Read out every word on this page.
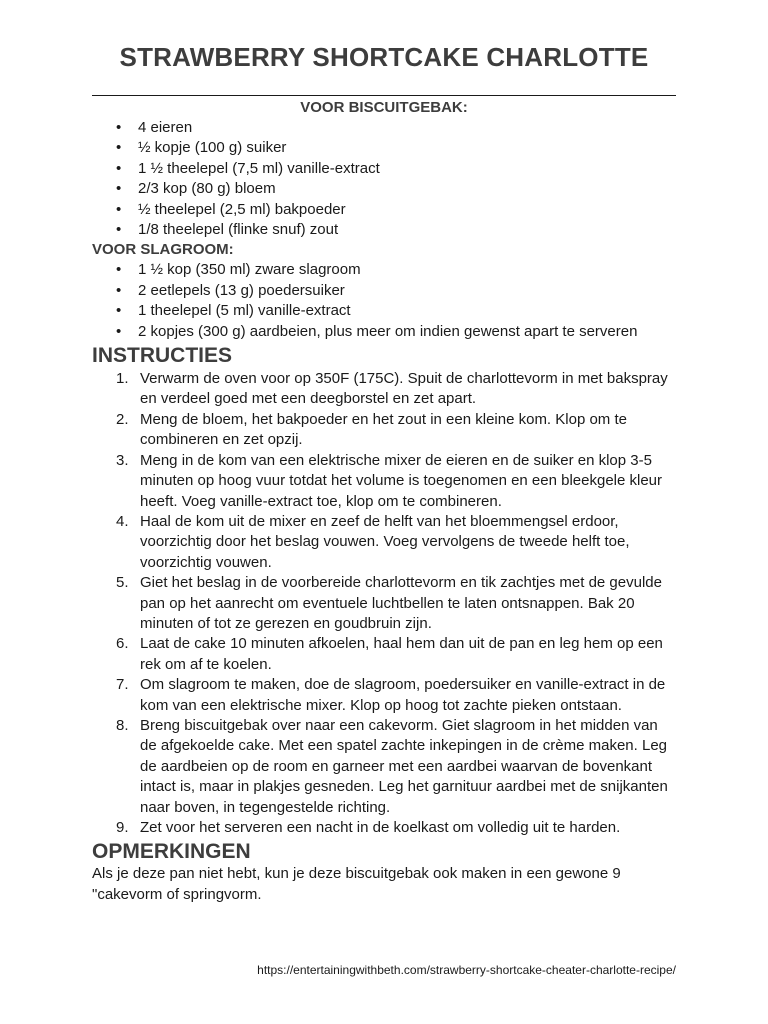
STRAWBERRY SHORTCAKE CHARLOTTE
VOOR BISCUITGEBAK:
• 4 eieren
• ½ kopje (100 g) suiker
• 1 ½ theelepel (7,5 ml) vanille-extract
• 2/3 kop (80 g) bloem
• ½ theelepel (2,5 ml) bakpoeder
• 1/8 theelepel (flinke snuf) zout
VOOR SLAGROOM:
• 1 ½ kop (350 ml) zware slagroom
• 2 eetlepels (13 g) poedersuiker
• 1 theelepel (5 ml) vanille-extract
• 2 kopjes (300 g) aardbeien, plus meer om indien gewenst apart te serveren
INSTRUCTIES
1. Verwarm de oven voor op 350F (175C). Spuit de charlottevorm in met bakspray en verdeel goed met een deegborstel en zet apart.
2. Meng de bloem, het bakpoeder en het zout in een kleine kom. Klop om te combineren en zet opzij.
3. Meng in de kom van een elektrische mixer de eieren en de suiker en klop 3-5 minuten op hoog vuur totdat het volume is toegenomen en een bleekgele kleur heeft. Voeg vanille-extract toe, klop om te combineren.
4. Haal de kom uit de mixer en zeef de helft van het bloemmengsel erdoor, voorzichtig door het beslag vouwen. Voeg vervolgens de tweede helft toe, voorzichtig vouwen.
5. Giet het beslag in de voorbereide charlottevorm en tik zachtjes met de gevulde pan op het aanrecht om eventuele luchtbellen te laten ontsnappen. Bak 20 minuten of tot ze gerezen en goudbruin zijn.
6. Laat de cake 10 minuten afkoelen, haal hem dan uit de pan en leg hem op een rek om af te koelen.
7. Om slagroom te maken, doe de slagroom, poedersuiker en vanille-extract in de kom van een elektrische mixer. Klop op hoog tot zachte pieken ontstaan.
8. Breng biscuitgebak over naar een cakevorm. Giet slagroom in het midden van de afgekoelde cake. Met een spatel zachte inkepingen in de crème maken. Leg de aardbeien op de room en garneer met een aardbei waarvan de bovenkant intact is, maar in plakjes gesneden. Leg het garnituur aardbei met de snijkanten naar boven, in tegengestelde richting.
9. Zet voor het serveren een nacht in de koelkast om volledig uit te harden.
OPMERKINGEN
Als je deze pan niet hebt, kun je deze biscuitgebak ook maken in een gewone 9 "cakevorm of springvorm.
https://entertainingwithbeth.com/strawberry-shortcake-cheater-charlotte-recipe/
